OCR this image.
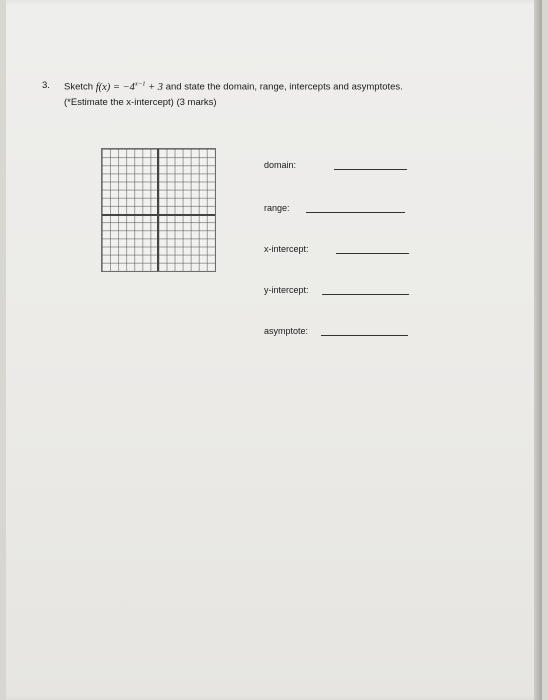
3. Sketch $f(x) = -4^{x-1} + 3$ and state the domain, range, intercepts and asymptotes.
(*Estimate the x-intercept) (3 marks)
domain:
range:
x-intercept:
y-intercept:
asymptote:
